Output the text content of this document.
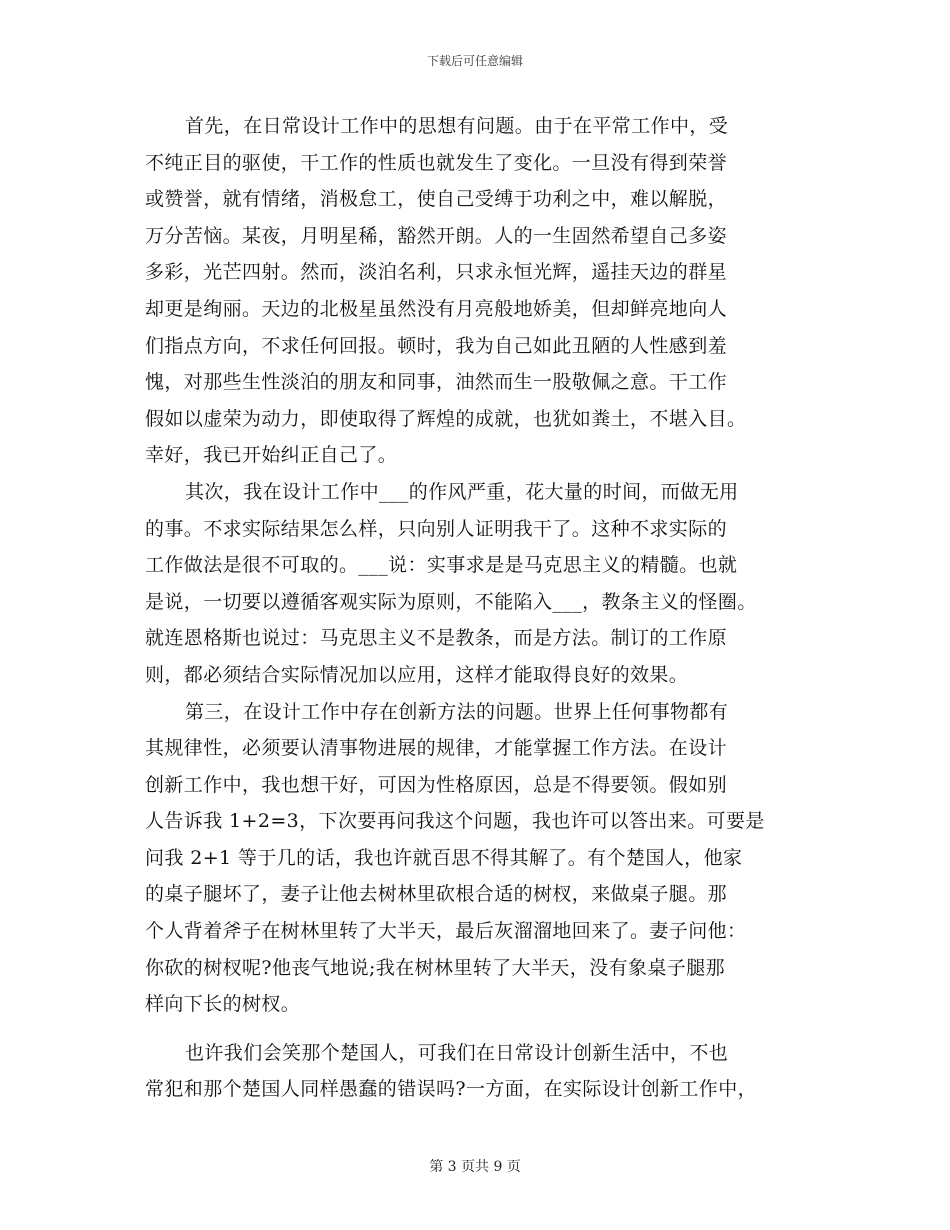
下载后可任意编辑
首先，在日常设计工作中的思想有问题。由于在平常工作中，受
不纯正目的驱使，干工作的性质也就发生了变化。一旦没有得到荣誉
或赞誉，就有情绪，消极怠工，使自己受缚于功利之中，难以解脱，
万分苦恼。某夜，月明星稀，豁然开朗。人的一生固然希望自己多姿
多彩，光芒四射。然而，淡泊名利，只求永恒光辉，遥挂天边的群星
却更是绚丽。天边的北极星虽然没有月亮般地娇美，但却鲜亮地向人
们指点方向，不求任何回报。顿时，我为自己如此丑陋的人性感到羞
愧，对那些生性淡泊的朋友和同事，油然而生一股敬佩之意。干工作
假如以虚荣为动力，即使取得了辉煌的成就，也犹如粪土，不堪入目。
幸好，我已开始纠正自己了。
其次，我在设计工作中___的作风严重，花大量的时间，而做无用
的事。不求实际结果怎么样，只向别人证明我干了。这种不求实际的
工作做法是很不可取的。___说：实事求是是马克思主义的精髓。也就
是说，一切要以遵循客观实际为原则，不能陷入___，教条主义的怪圈。
就连恩格斯也说过：马克思主义不是教条，而是方法。制订的工作原
则，都必须结合实际情况加以应用，这样才能取得良好的效果。
第三，在设计工作中存在创新方法的问题。世界上任何事物都有
其规律性，必须要认清事物进展的规律，才能掌握工作方法。在设计
创新工作中，我也想干好，可因为性格原因，总是不得要领。假如别
人告诉我 1+2=3，下次要再问我这个问题，我也许可以答出来。可要是
问我 2+1 等于几的话，我也许就百思不得其解了。有个楚国人，他家
的桌子腿坏了，妻子让他去树林里砍根合适的树杈，来做桌子腿。那
个人背着斧子在树林里转了大半天，最后灰溜溜地回来了。妻子问他：
你砍的树杈呢?他丧气地说;我在树林里转了大半天，没有象桌子腿那
样向下长的树杈。
也许我们会笑那个楚国人，可我们在日常设计创新生活中，不也
常犯和那个楚国人同样愚蠢的错误吗?一方面，在实际设计创新工作中，
第 3 页共 9 页
